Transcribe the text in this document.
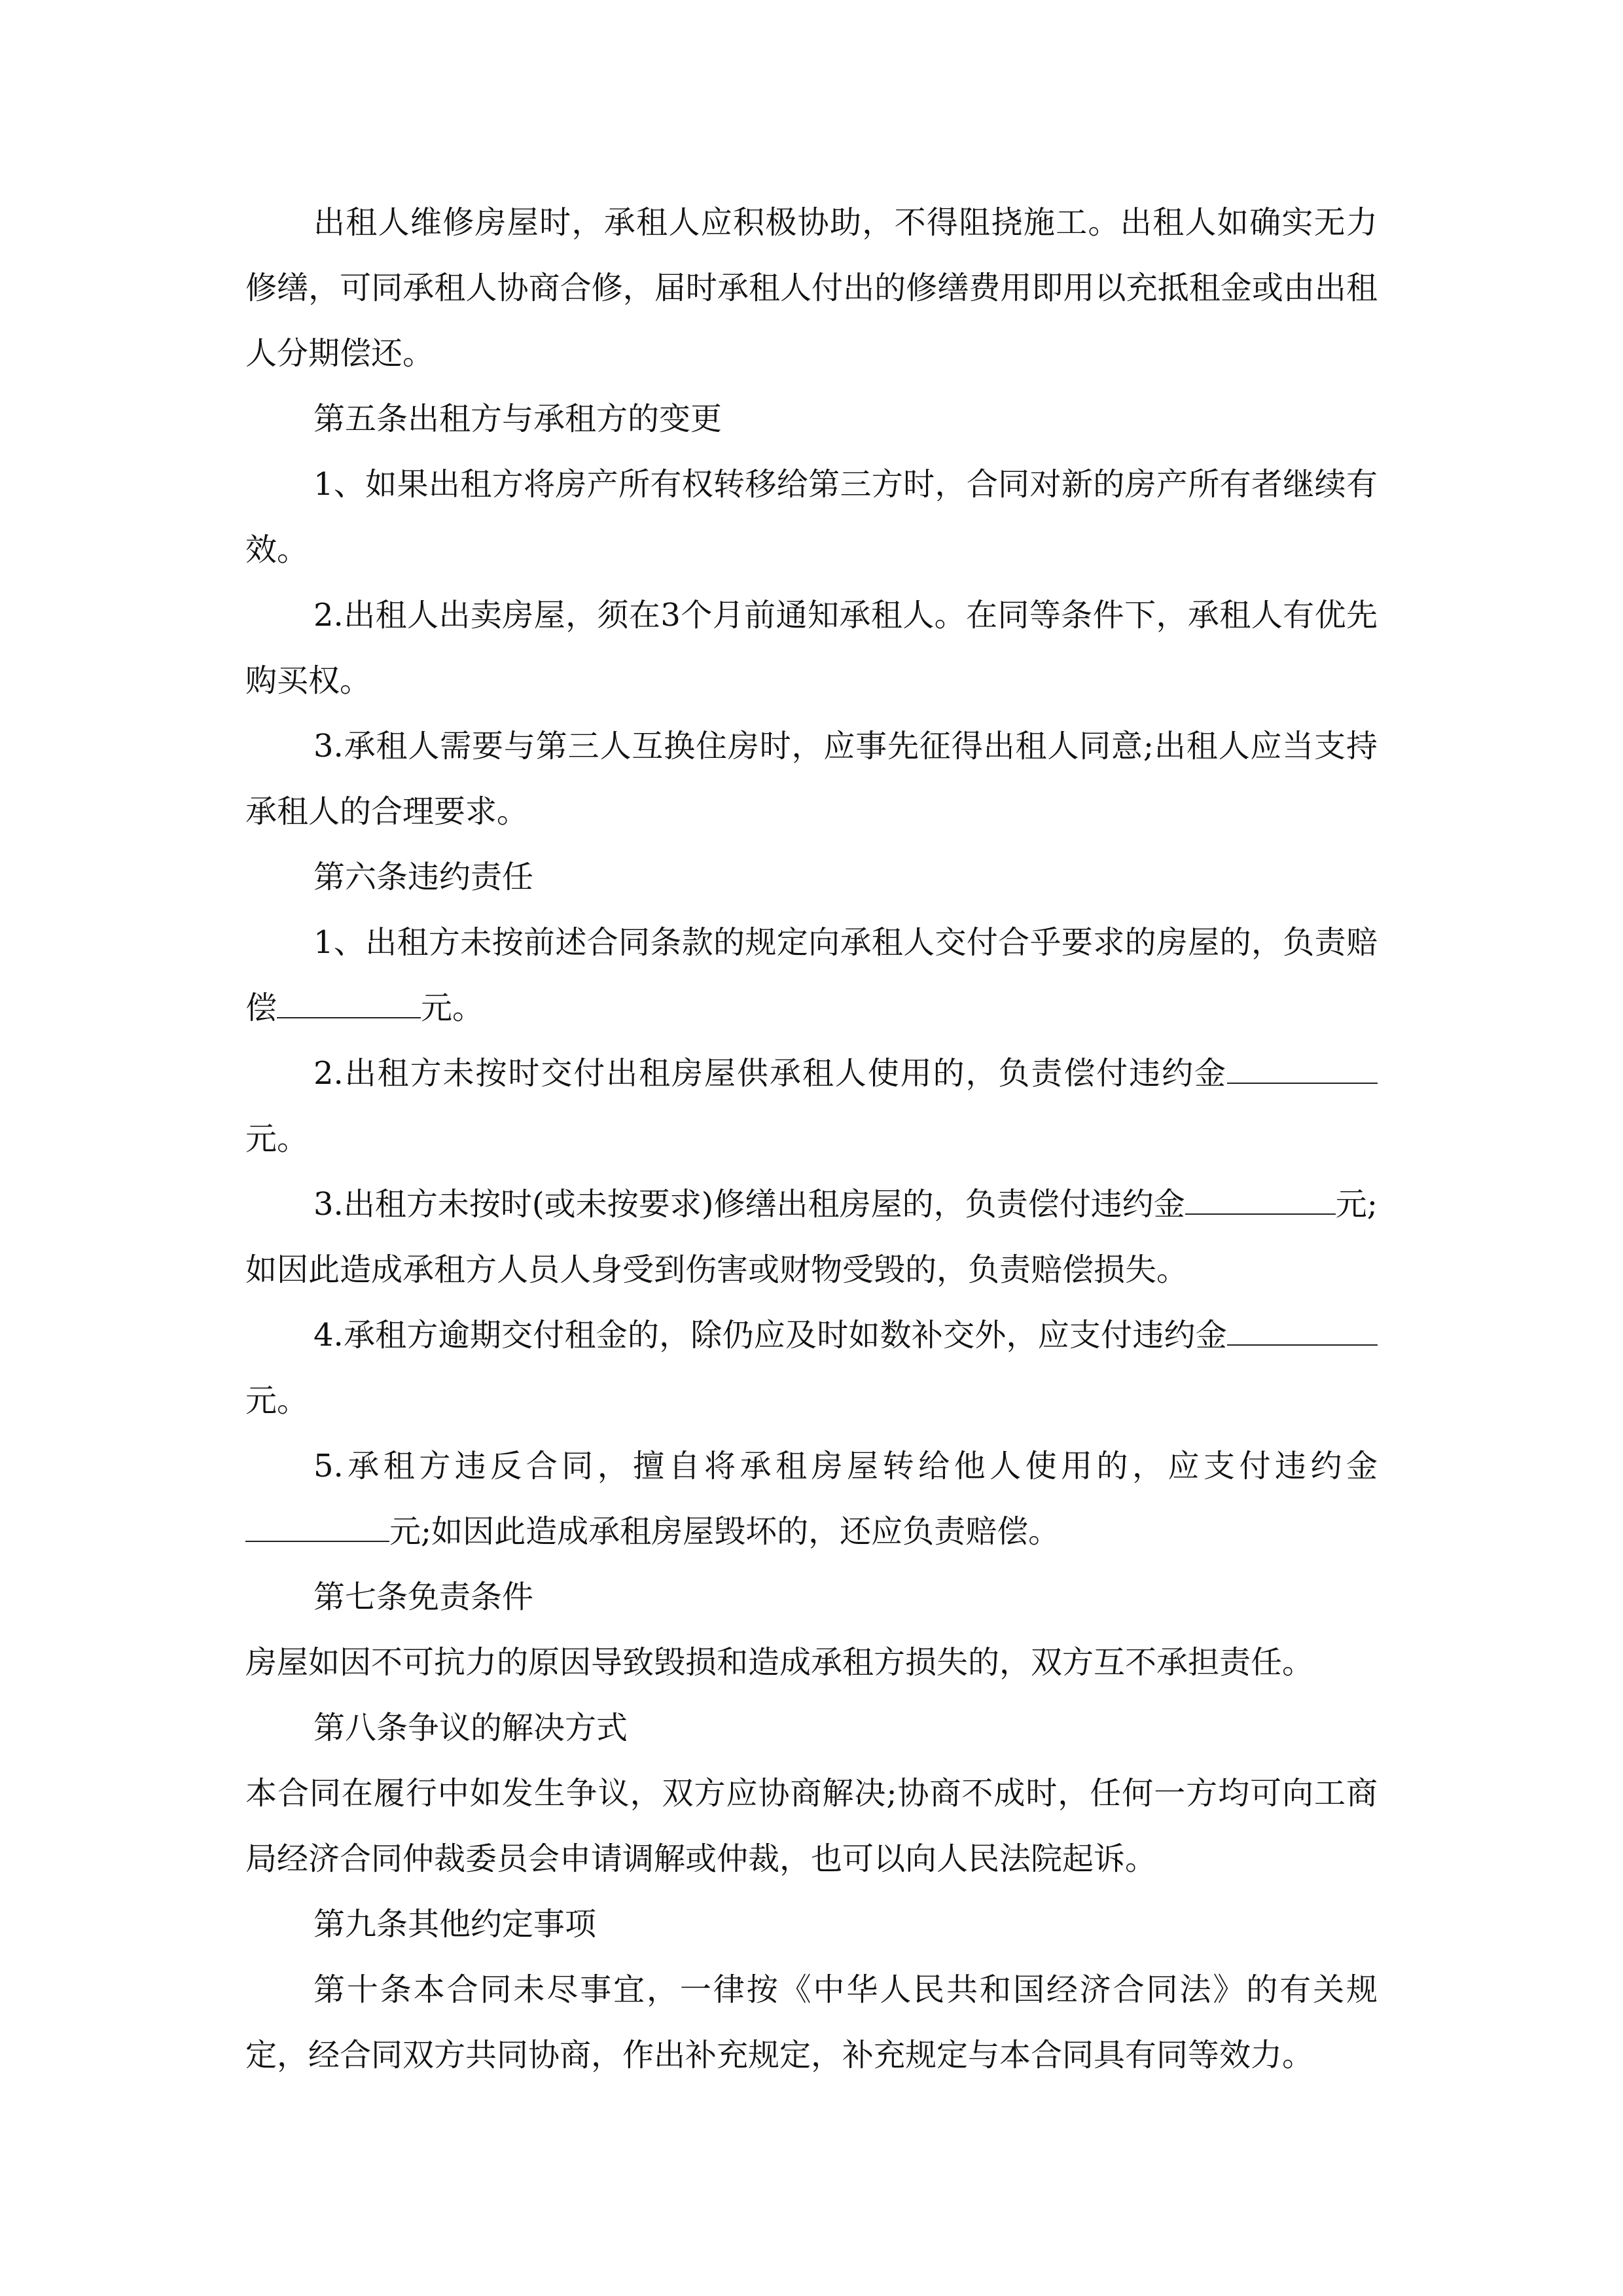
出租人维修房屋时，承租人应积极协助，不得阻挠施工。出租人如确实无力修缮，可同承租人协商合修，届时承租人付出的修缮费用即用以充抵租金或由出租人分期偿还。

第五条出租方与承租方的变更

1、如果出租方将房产所有权转移给第三方时，合同对新的房产所有者继续有效。

2.出租人出卖房屋，须在3个月前通知承租人。在同等条件下，承租人有优先购买权。

3.承租人需要与第三人互换住房时，应事先征得出租人同意;出租人应当支持承租人的合理要求。

第六条违约责任

1、出租方未按前述合同条款的规定向承租人交付合乎要求的房屋的，负责赔偿	元。

2.出租方未按时交付出租房屋供承租人使用的，负责偿付违约金元。

3.出租方未按时(或未按要求)修缮出租房屋的，负责偿付违约金	元;如因此造成承租方人员人身受到伤害或财物受毁的，负责赔偿损失。

4.承租方逾期交付租金的，除仍应及时如数补交外，应支付违约金元。

5.承租方违反合同，擅自将承租房屋转给他人使用的，应支付违约金元;如因此造成承租房屋毁坏的，还应负责赔偿。

第七条免责条件

房屋如因不可抗力的原因导致毁损和造成承租方损失的，双方互不承担责任。

第八条争议的解决方式

本合同在履行中如发生争议，双方应协商解决;协商不成时，任何一方均可向工商局经济合同仲裁委员会申请调解或仲裁，也可以向人民法院起诉。

第九条其他约定事项

第十条本合同未尽事宜，一律按《中华人民共和国经济合同法》的有关规定，经合同双方共同协商，作出补充规定，补充规定与本合同具有同等效力。
